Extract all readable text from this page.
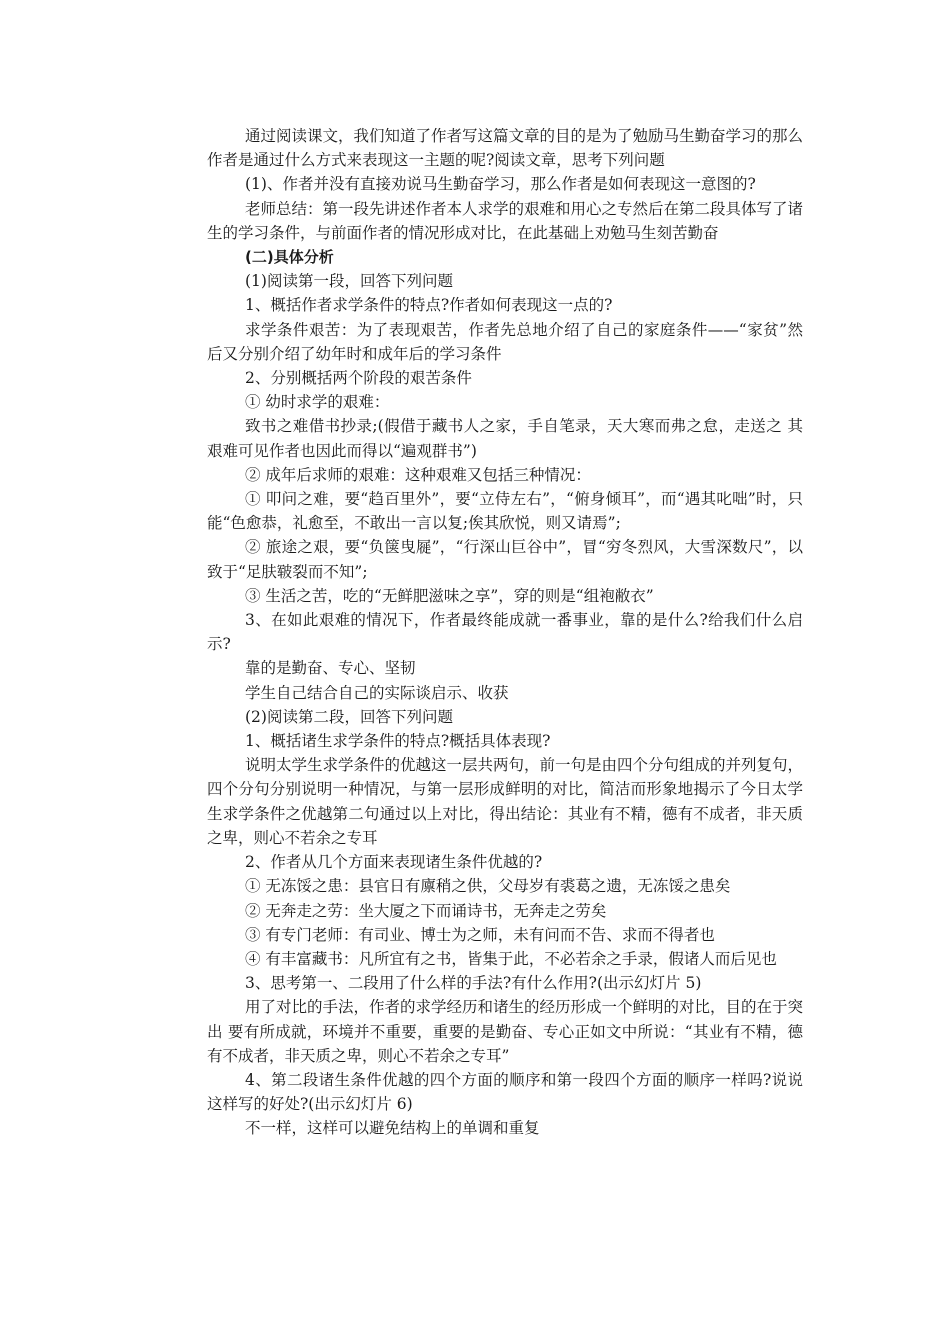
通过阅读课文，我们知道了作者写这篇文章的目的是为了勉励马生勤奋学习的那么作者是通过什么方式来表现这一主题的呢?阅读文章，思考下列问题

(1)、作者并没有直接劝说马生勤奋学习，那么作者是如何表现这一意图的?

老师总结：第一段先讲述作者本人求学的艰难和用心之专然后在第二段具体写了诸生的学习条件，与前面作者的情况形成对比，在此基础上劝勉马生刻苦勤奋

(二)具体分析

(1)阅读第一段，回答下列问题

1、概括作者求学条件的特点?作者如何表现这一点的?

求学条件艰苦：为了表现艰苦，作者先总地介绍了自己的家庭条件——“家贫”然后又分别介绍了幼年时和成年后的学习条件

2、分别概括两个阶段的艰苦条件

① 幼时求学的艰难：

致书之难借书抄录;(假借于藏书人之家，手自笔录，天大寒而弗之怠，走送之 其艰难可见作者也因此而得以“遍观群书”)

② 成年后求师的艰难：这种艰难又包括三种情况：

① 叩问之难，要“趋百里外”，要“立侍左右”，“俯身倾耳”，而“遇其叱咄”时，只能“色愈恭，礼愈至，不敢出一言以复;俟其欣悦，则又请焉”;

② 旅途之艰，要“负箧曳屣”，“行深山巨谷中”，冒“穷冬烈风，大雪深数尺”，以致于“足肤皲裂而不知”;

③ 生活之苦，吃的“无鲜肥滋味之享”，穿的则是“组袍敝衣”

3、在如此艰难的情况下，作者最终能成就一番事业，靠的是什么?给我们什么启示?

靠的是勤奋、专心、坚韧

学生自己结合自己的实际谈启示、收获

(2)阅读第二段，回答下列问题

1、概括诸生求学条件的特点?概括具体表现?

说明太学生求学条件的优越这一层共两句，前一句是由四个分句组成的并列复句，四个分句分别说明一种情况，与第一层形成鲜明的对比，简洁而形象地揭示了今日太学生求学条件之优越第二句通过以上对比，得出结论：其业有不精，德有不成者，非天质之卑，则心不若余之专耳

2、作者从几个方面来表现诸生条件优越的?

① 无冻馁之患：县官日有廪稍之供，父母岁有裘葛之遗，无冻馁之患矣

② 无奔走之劳：坐大厦之下而诵诗书，无奔走之劳矣

③ 有专门老师：有司业、博士为之师，未有问而不告、求而不得者也

④ 有丰富藏书：凡所宜有之书，皆集于此，不必若余之手录，假诸人而后见也

3、思考第一、二段用了什么样的手法?有什么作用?(出示幻灯片 5)

用了对比的手法，作者的求学经历和诸生的经历形成一个鲜明的对比，目的在于突出 要有所成就，环境并不重要，重要的是勤奋、专心正如文中所说：“其业有不精，德有不成者，非天质之卑，则心不若余之专耳”

4、第二段诸生条件优越的四个方面的顺序和第一段四个方面的顺序一样吗?说说这样写的好处?(出示幻灯片 6)

不一样，这样可以避免结构上的单调和重复
